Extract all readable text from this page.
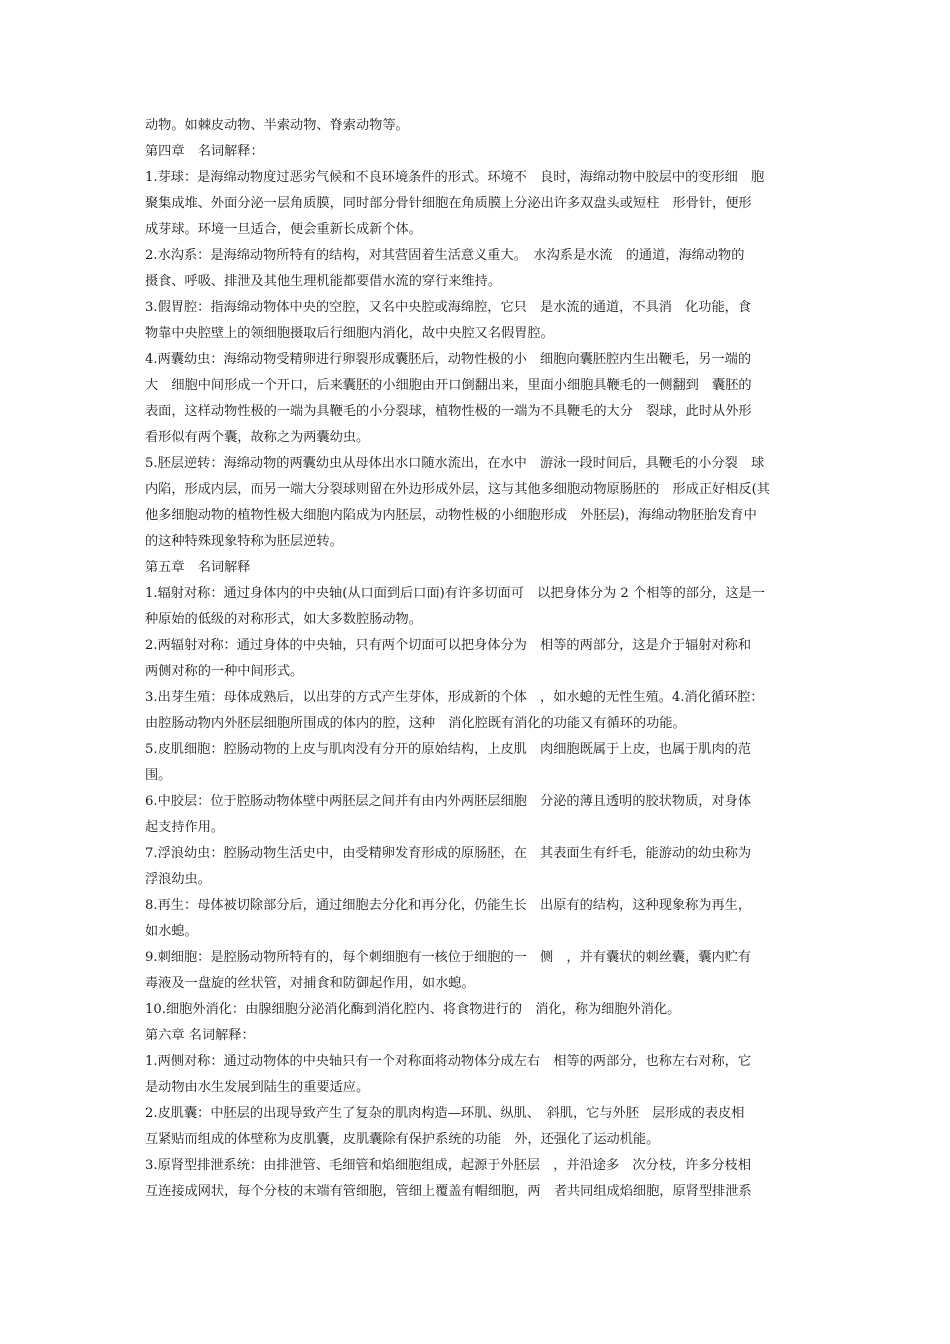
动物。如棘皮动物、半索动物、脊索动物等。

第四章　名词解释：

1.芽球：是海绵动物度过恶劣气候和不良环境条件的形式。环境不　良时，海绵动物中胶层中的变形细　胞

聚集成堆、外面分泌一层角质膜，同时部分骨针细胞在角质膜上分泌出许多双盘头或短柱　形骨针，便形

成芽球。环境一旦适合，便会重新长成新个体。

2.水沟系：是海绵动物所特有的结构，对其营固着生活意义重大。　水沟系是水流　的通道，海绵动物的

摄食、呼吸、排泄及其他生理机能都要借水流的穿行来维持。

3.假胃腔：指海绵动物体中央的空腔，又名中央腔或海绵腔，它只　是水流的通道，不具消　化功能，食

物靠中央腔壁上的领细胞摄取后行细胞内消化，故中央腔又名假胃腔。

4.两囊幼虫：海绵动物受精卵进行卵裂形成囊胚后，动物性极的小　细胞向囊胚腔内生出鞭毛，另一端的

大　细胞中间形成一个开口，后来囊胚的小细胞由开口倒翻出来，里面小细胞具鞭毛的一侧翻到　囊胚的

表面，这样动物性极的一端为具鞭毛的小分裂球，植物性极的一端为不具鞭毛的大分　裂球，此时从外形

看形似有两个囊，故称之为两囊幼虫。

5.胚层逆转：海绵动物的两囊幼虫从母体出水口随水流出，在水中　游泳一段时间后，具鞭毛的小分裂　球

内陷，形成内层，而另一端大分裂球则留在外边形成外层，这与其他多细胞动物原肠胚的　形成正好相反(其

他多细胞动物的植物性极大细胞内陷成为内胚层，动物性极的小细胞形成　外胚层)，海绵动物胚胎发育中

的这种特殊现象特称为胚层逆转。

第五章　名词解释

1.辐射对称：通过身体内的中央轴(从口面到后口面)有许多切面可　以把身体分为 2 个相等的部分，这是一

种原始的低级的对称形式，如大多数腔肠动物。

2.两辐射对称：通过身体的中央轴，只有两个切面可以把身体分为　相等的两部分，这是介于辐射对称和

两侧对称的一种中间形式。

3.出芽生殖：母体成熟后，以出芽的方式产生芽体，形成新的个体　，如水螅的无性生殖。4.消化循环腔：

由腔肠动物内外胚层细胞所围成的体内的腔，这种　消化腔既有消化的功能又有循环的功能。

5.皮肌细胞：腔肠动物的上皮与肌肉没有分开的原始结构，上皮肌　肉细胞既属于上皮，也属于肌肉的范

围。

6.中胶层：位于腔肠动物体壁中两胚层之间并有由内外两胚层细胞　分泌的薄且透明的胶状物质，对身体

起支持作用。

7.浮浪幼虫：腔肠动物生活史中，由受精卵发育形成的原肠胚，在　其表面生有纤毛，能游动的幼虫称为

浮浪幼虫。

8.再生：母体被切除部分后，通过细胞去分化和再分化，仍能生长　出原有的结构，这种现象称为再生，

如水螅。

9.刺细胞：是腔肠动物所特有的，每个刺细胞有一核位于细胞的一　侧　，并有囊状的刺丝囊，囊内贮有

毒液及一盘旋的丝状管，对捕食和防御起作用，如水螅。

10.细胞外消化：由腺细胞分泌消化酶到消化腔内、将食物进行的　消化，称为细胞外消化。

第六章 名词解释：

1.两侧对称：通过动物体的中央轴只有一个对称面将动物体分成左右　相等的两部分，也称左右对称，它

是动物由水生发展到陆生的重要适应。

2.皮肌囊：中胚层的出现导致产生了复杂的肌肉构造—环肌、纵肌、　斜肌，它与外胚　层形成的表皮相

互紧贴而组成的体壁称为皮肌囊，皮肌囊除有保护系统的功能　外，还强化了运动机能。

3.原肾型排泄系统：由排泄管、毛细管和焰细胞组成，起源于外胚层　，并沿途多　次分枝，许多分枝相

互连接成网状，每个分枝的末端有管细胞，管细上覆盖有帽细胞，两　者共同组成焰细胞，原肾型排泄系
